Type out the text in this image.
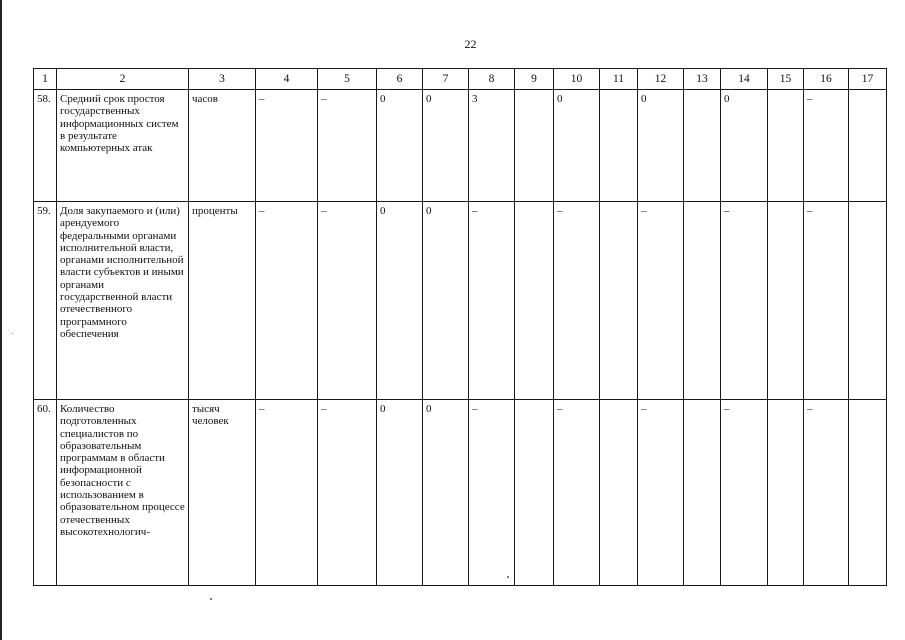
22
1	2	3	4	5	6	7	8	9	10	11	12	13	14	15	16	17
58.	Средний срок простоя государственных информационных систем в результате компьютерных атак	часов	–	–	0	0	3		0		0		0		–	
59.	Доля закупаемого и (или) арендуемого федеральными органами исполнительной власти, органами исполнительной власти субъектов и иными органами государственной власти отечественного программного обеспечения	проценты	–	–	0	0	–		–		–		–		–	
60.	Количество подготовленных специалистов по образовательным программам в области информационной безопасности с использованием в образовательном процессе отечественных высокотехнологич-	тысяч человек	–	–	0	0	–		–		–		–		–	
